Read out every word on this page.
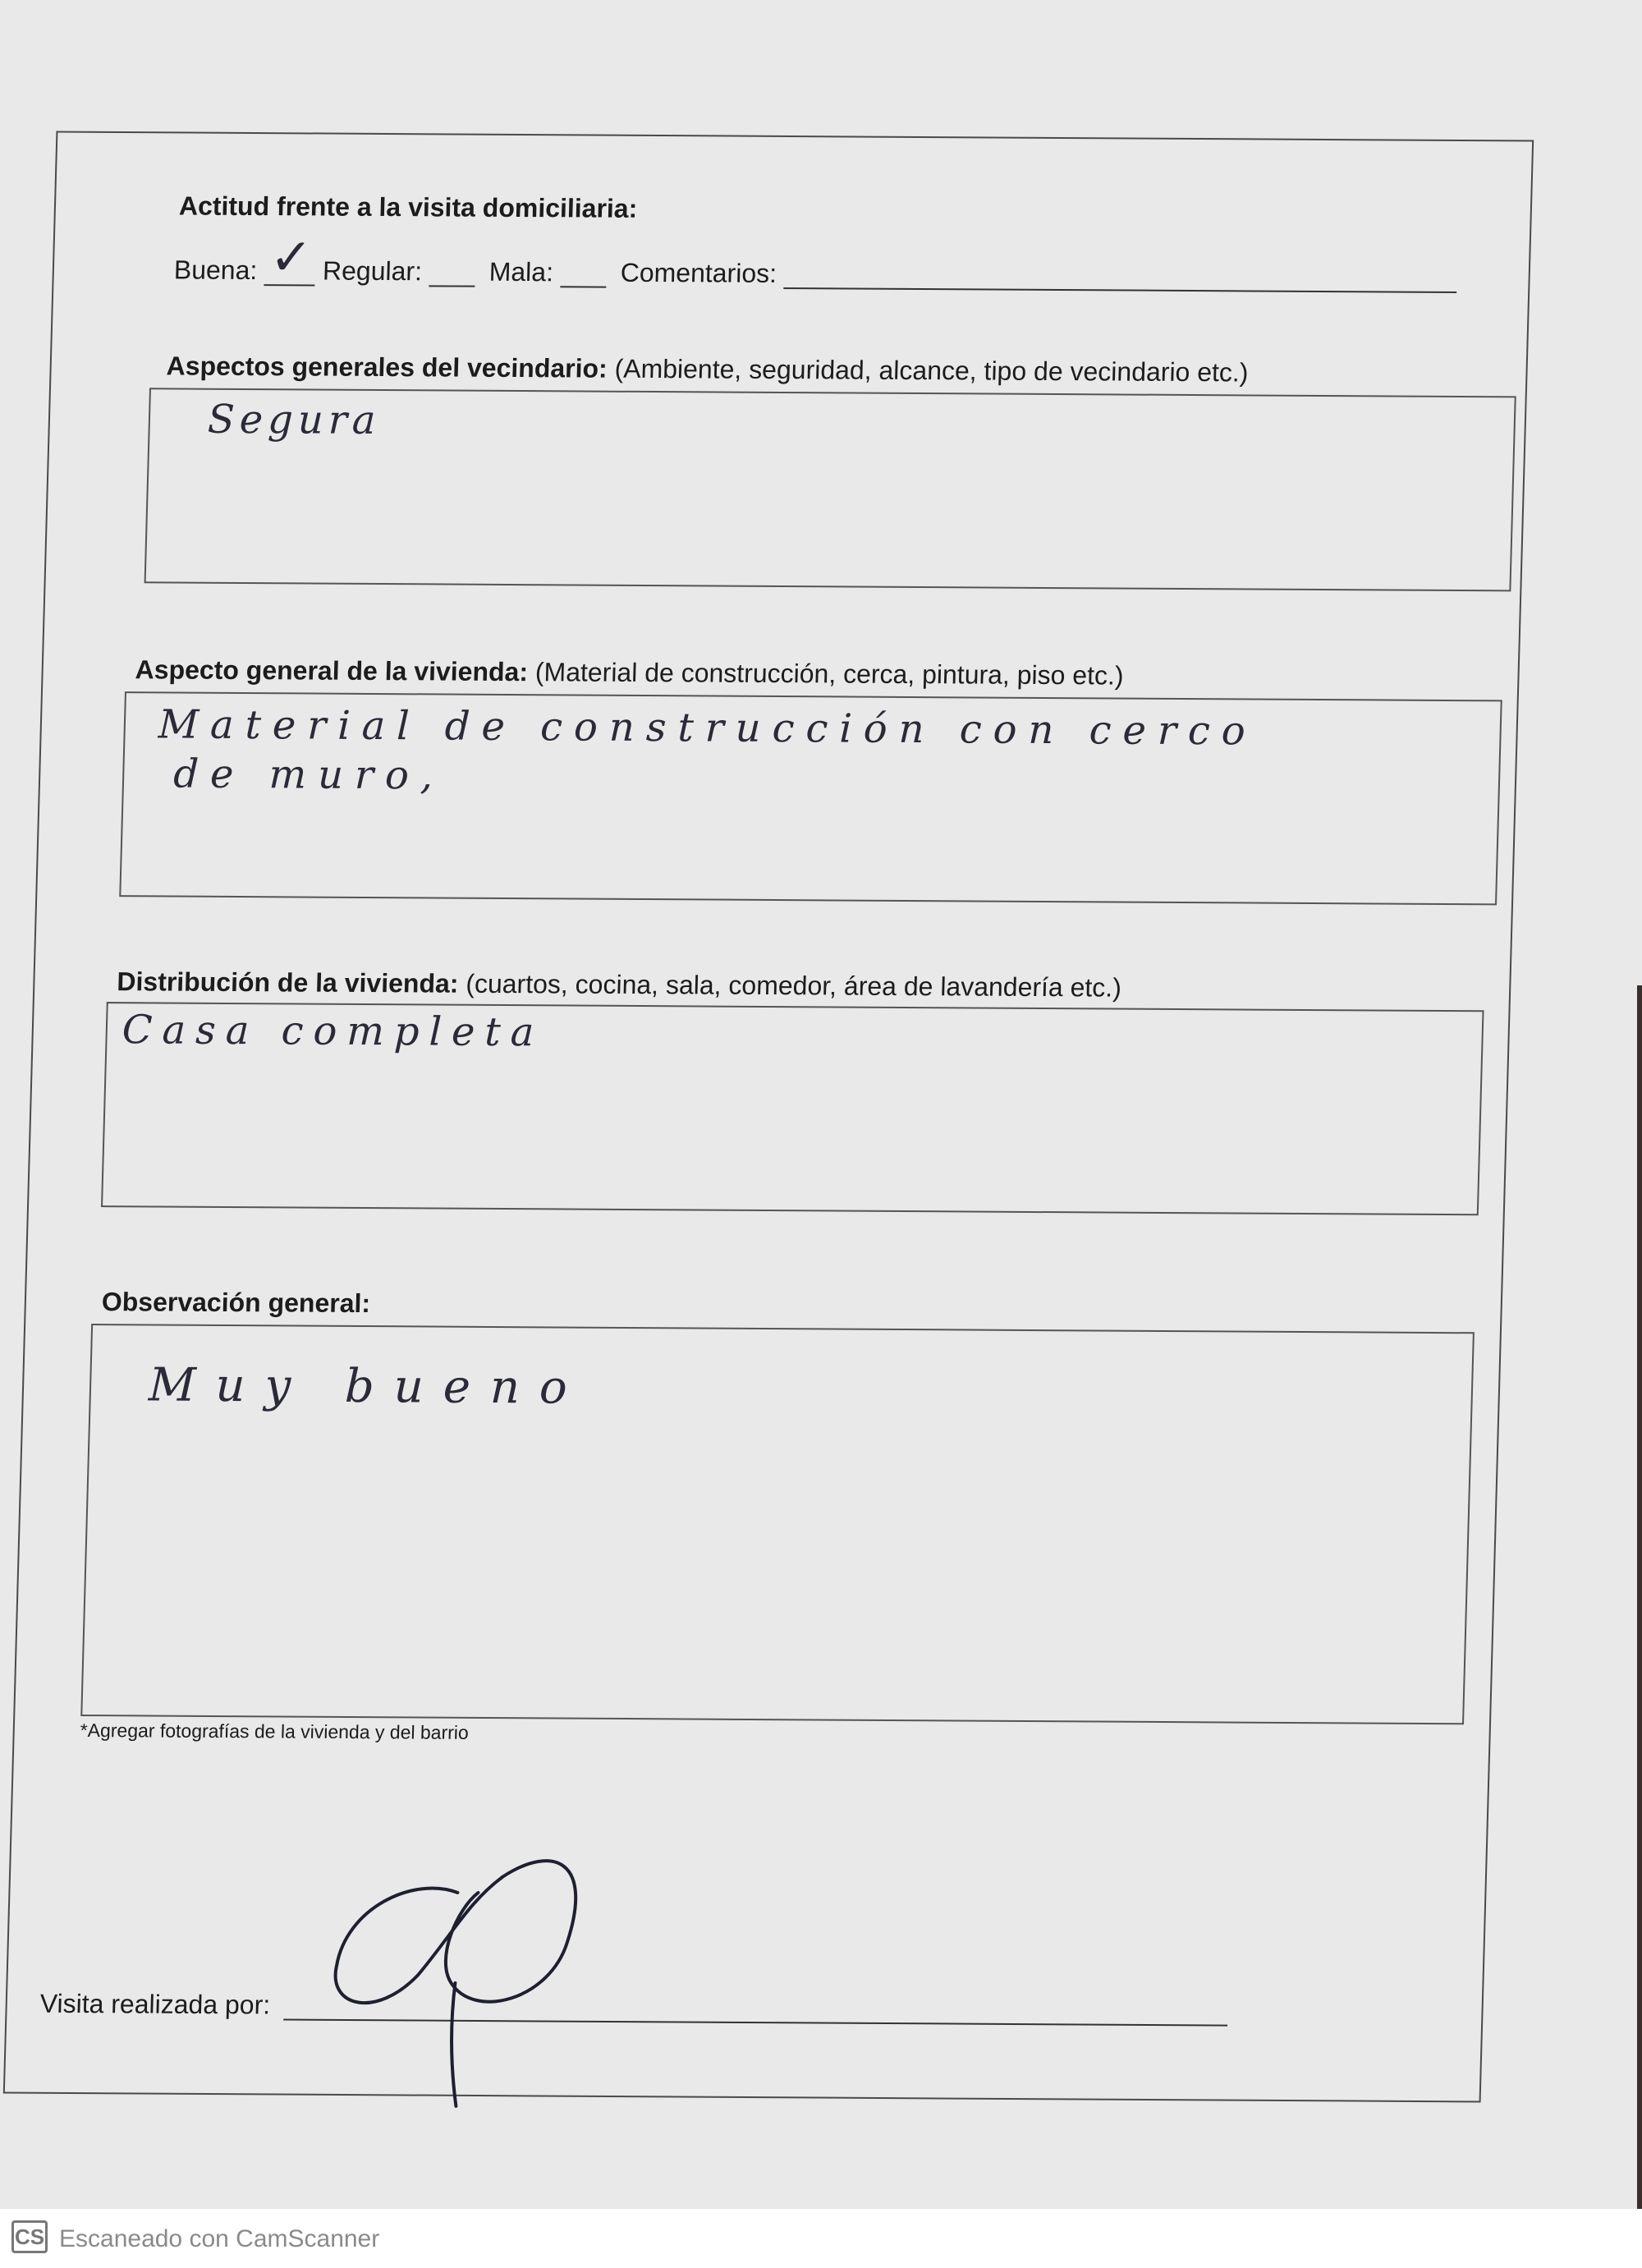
Actitud frente a la visita domiciliaria:
Buena: ✓ Regular:	Mala:	Comentarios:
Aspectos generales del vecindario: (Ambiente, seguridad, alcance, tipo de vecindario etc.)
Segura
Aspecto general de la vivienda: (Material de construcción, cerca, pintura, piso etc.)
Material de construcción con cerco
de muro,
Distribución de la vivienda: (cuartos, cocina, sala, comedor, área de lavandería etc.)
Casa completa
Observación general:
Muy bueno
*Agregar fotografías de la vivienda y del barrio
Visita realizada por:
CS Escaneado con CamScanner
